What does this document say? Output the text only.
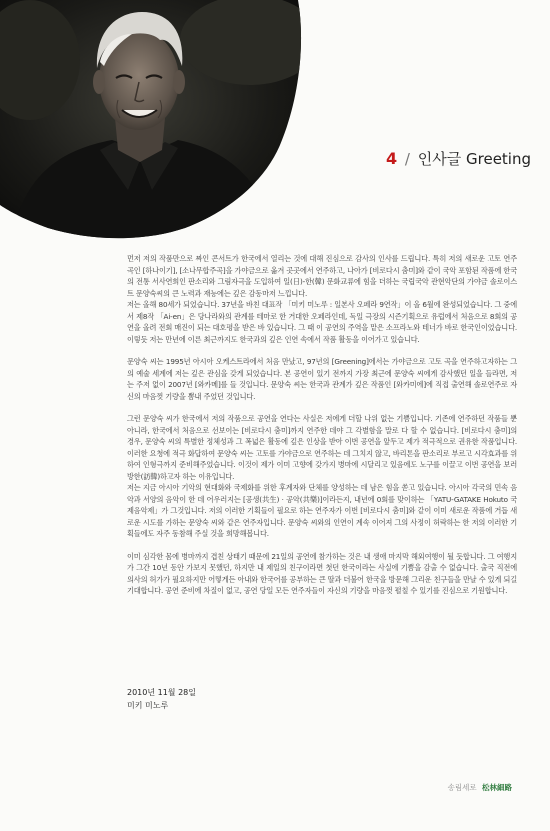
4 / 인사글 Greeting

먼저 저의 작품만으로 짜인 콘서트가 한국에서 열리는 것에 대해 진심으로 감사의 인사를 드립니다. 특히 저의 새로운 고토 연주곡인 [하나이기], [소나무합주곡]을 가야금으로 옮겨 곳곳에서 연주하고, 나아가 [비로다시 춤미]와 같이 국악 포함된 작품에 한국의 전통 서사연희인 판소리와 그림자극을 도입하여 일(日)-한(韓) 문화교류에 힘을 더하는 국립국악 관현악단의 가야금 솔로이스트 문양숙씨의 큰 노력과 재능에는 깊은 감동마저 느낍니다.

저는 올해 80세가 되었습니다. 37년을 바친 대표작 「미키 미노루 : 일본사 오페라 9연작」이 올 6월에 완성되었습니다. 그 중에서 제8작 「Ai-en」은 당나라와의 관계를 테마로 한 거대한 오페라인데, 독일 극장의 시즌기획으로 유럽에서 처음으로 8회의 공연을 올려 전회 매진이 되는 대호평을 받은 바 있습니다. 그 때 이 공연의 주역을 맡은 소프라노와 테너가 바로 한국인이었습니다. 이렇듯 저는 만년에 이른 최근까지도 한국과의 깊은 인연 속에서 작품 활동을 이어가고 있습니다.

문양숙 씨는 1995년 아시아 오케스트라에서 처음 만났고, 97년의 [Greening]에서는 가야금으로 고토 곡을 연주하고자하는 그의 예술 세계에 저는 깊은 관심을 갖게 되었습니다. 본 공연이 있기 전까지 가장 최근에 문양숙 씨에게 감사했던 일을 들라면, 저는 주저 없이 2007년 [와카메]를 들 것입니다. 문양숙 씨는 한국과 관계가 깊은 작품인 [와카미에]에 직접 출연해 솔로연주로 자신의 마음껏 기량을 뽐내 주었던 것입니다.

그런 문양숙 씨가 한국에서 저의 작품으로 공연을 연다는 사실은 저에게 더할 나위 없는 기쁨입니다. 기존에 연주하던 작품들 뿐 아니라, 한국에서 처음으로 선보이는 [비로다시 춤미]까지 연주한 데야 그 각별함을 말로 다 할 수 없습니다. [비로다시 춤미]의 경우, 문양숙 씨의 특별한 정체성과 그 폭넓은 활동에 깊은 인상을 받아 이번 공연을 앞두고 제가 적극적으로 권유한 작품입니다. 이러한 요청에 적극 화답하여 문양숙 씨는 고토를 가야금으로 연주하는 데 그치지 않고, 바리톤을 판소리로 부르고 시각효과를 위하여 인형극까지 준비해주었습니다. 이것이 제가 이미 고향에 갖가지 병마에 시달리고 있음에도 노구를 이끌고 이번 공연을 보러 방한(訪韓)하고자 하는 이유입니다.

저는 지금 아시아 기악의 현대화와 국제화를 위한 후계자와 단체를 양성하는 데 남은 힘을 쏟고 있습니다. 아시아 각국의 민속 음악과 서양의 음악이 한 데 어우러지는 [공생(共生) · 공악(共樂)]이라든지, 내년에 0회를 맞이하는 「YATU-GATAKE Hokuto 국제음악제」가 그것입니다. 저의 이러한 기획들이 필요로 하는 연주자가 이번 [비로다시 춤미]와 같이 이미 새로운 작품에 거듭 새로운 시도를 가하는 문양숙 씨와 같은 연주자입니다. 문양숙 씨와의 인연이 계속 이어져 그의 사정이 허락하는 한 저의 이러한 기획들에도 자주 동참해 주실 것을 희망해봅니다.

이미 심각한 몸에 병마까지 겹친 상태기 때문에 21일의 공연에 참가하는 것은 내 생애 마지막 해외여행이 될 듯합니다. 그 여행지가 그간 10년 동안 가보지 못했던, 하지만 내 제일의 친구이라면 첫던 한국이라는 사실에 기쁨을 감출 수 없습니다. 출국 직전에 의사의 허가가 필요하지만 어떻게든 아내와 한국어를 공부하는 큰 딸과 더불어 한국을 방문해 그리운 친구들을 만날 수 있게 되길 기대합니다. 공연 준비에 차질이 없고, 공연 당일 모든 연주자들이 자신의 기량을 마음껏 펼칠 수 있기를 진심으로 기원합니다.

2010년 11월 28일
미키 미노루
송림세로 松林細路
